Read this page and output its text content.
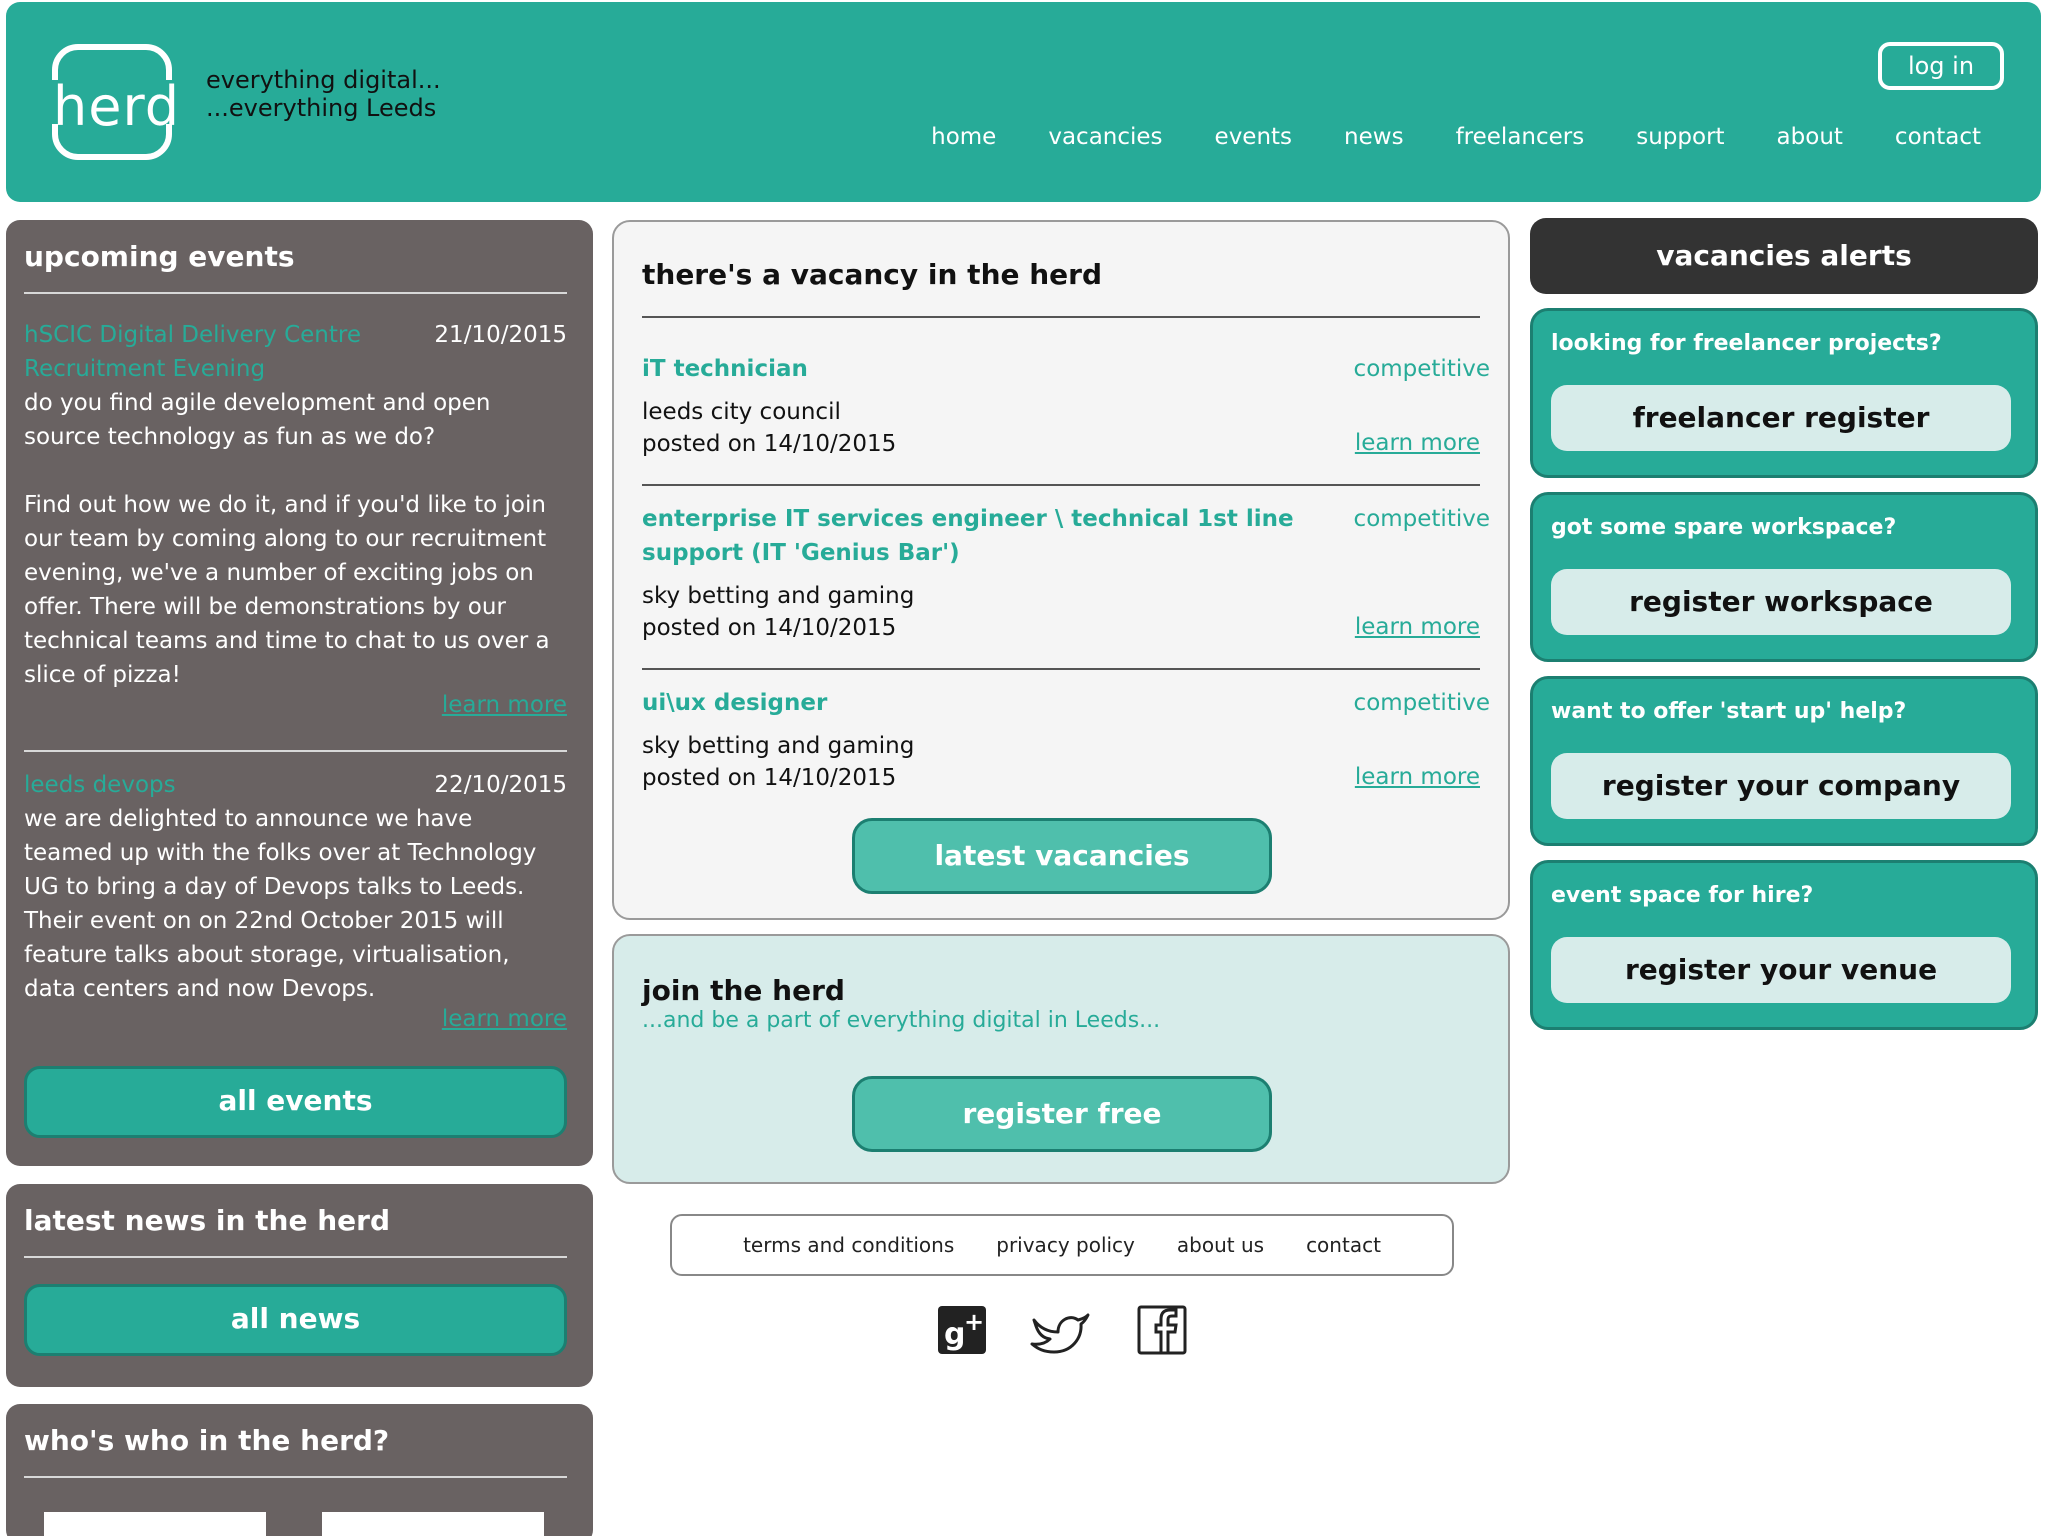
herd everything digital...
...everything Leeds
log in
home vacancies events news freelancers support about contact
upcoming events
hSCIC Digital Delivery Centre Recruitment Evening
21/10/2015
do you find agile development and open source technology as fun as we do?
Find out how we do it, and if you'd like to join our team by coming along to our recruitment evening, we've a number of exciting jobs on offer. There will be demonstrations by our technical teams and time to chat to us over a slice of pizza!
learn more
leeds devops	22/10/2015
we are delighted to announce we have teamed up with the folks over at Technology UG to bring a day of Devops talks to Leeds. Their event on on 22nd October 2015 will feature talks about storage, virtualisation, data centers and now Devops.
learn more
all events
latest news in the herd
all news
who's who in the herd?
there's a vacancy in the herd
iT technician	competitive
leeds city council
posted on 14/10/2015	learn more
enterprise IT services engineer \ technical 1st line support (IT 'Genius Bar')
competitive
sky betting and gaming
posted on 14/10/2015	learn more
ui\ux designer	competitive
sky betting and gaming
posted on 14/10/2015	learn more
latest vacancies
join the herd
...and be a part of everything digital in Leeds...
register free
terms and conditions privacy policy about us contact
g
+
vacancies alerts
looking for freelancer projects?
freelancer register
got some spare workspace?
register workspace
want to offer 'start up' help?
register your company
event space for hire?
register your venue
